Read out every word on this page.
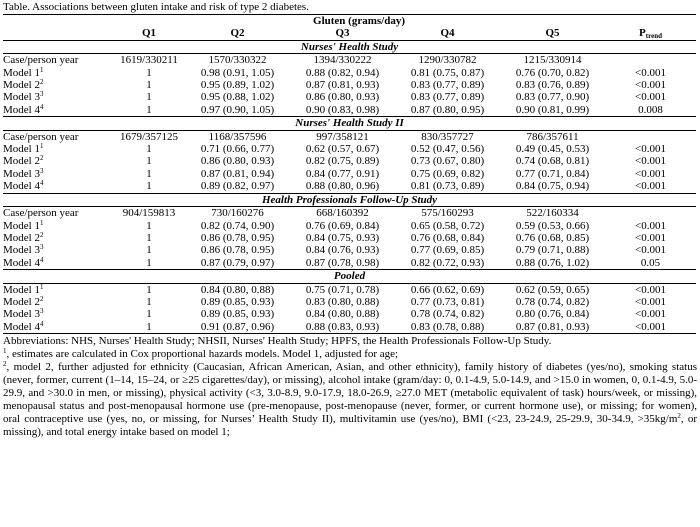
Table. Associations between gluten intake and risk of type 2 diabetes.
	Gluten (grams/day)					
	Q1	Q2	Q3	Q4	Q5	$P_{trend}$
Nurses' Health Study						
Case/person year	1619/330211	1570/330322	1394/330222	1290/330782	1215/330914	
Model $1^1$	1	0.98 (0.91, 1.05)	0.88 (0.82, 0.94)	0.81 (0.75, 0.87)	0.76 (0.70, 0.82)	<0.001
Model $2^2$	1	0.95 (0.89, 1.02)	0.87 (0.81, 0.93)	0.83 (0.77, 0.89)	0.83 (0.76, 0.89)	<0.001
Model $3^3$	1	0.95 (0.88, 1.02)	0.86 (0.80, 0.93)	0.83 (0.77, 0.89)	0.83 (0.77, 0.90)	<0.001
Model $4^4$	1	0.97 (0.90, 1.05)	0.90 (0.83, 0.98)	0.87 (0.80, 0.95)	0.90 (0.81, 0.99)	0.008
Nurses' Health Study II						
Case/person year	1679/357125	1168/357596	997/358121	830/357727	786/357611	
Model $1^1$	1	0.71 (0.66, 0.77)	0.62 (0.57, 0.67)	0.52 (0.47, 0.56)	0.49 (0.45, 0.53)	<0.001
Model $2^2$	1	0.86 (0.80, 0.93)	0.82 (0.75, 0.89)	0.73 (0.67, 0.80)	0.74 (0.68, 0.81)	<0.001
Model $3^3$	1	0.87 (0.81, 0.94)	0.84 (0.77, 0.91)	0.75 (0.69, 0.82)	0.77 (0.71, 0.84)	<0.001
Model $4^4$	1	0.89 (0.82, 0.97)	0.88 (0.80, 0.96)	0.81 (0.73, 0.89)	0.84 (0.75, 0.94)	<0.001
Health Professionals Follow-Up Study						
Case/person year	904/159813	730/160276	668/160392	575/160293	522/160334	
Model $1^1$	1	0.82 (0.74, 0.90)	0.76 (0.69, 0.84)	0.65 (0.58, 0.72)	0.59 (0.53, 0.66)	<0.001
Model $2^2$	1	0.86 (0.78, 0.95)	0.84 (0.75, 0.93)	0.76 (0.68, 0.84)	0.76 (0.68, 0.85)	<0.001
Model $3^3$	1	0.86 (0.78, 0.95)	0.84 (0.76, 0.93)	0.77 (0.69, 0.85)	0.79 (0.71, 0.88)	<0.001
Model $4^4$	1	0.87 (0.79, 0.97)	0.87 (0.78, 0.98)	0.82 (0.72, 0.93)	0.88 (0.76, 1.02)	0.05
Pooled						
Model $1^1$	1	0.84 (0.80, 0.88)	0.75 (0.71, 0.78)	0.66 (0.62, 0.69)	0.62 (0.59, 0.65)	<0.001
Model $2^2$	1	0.89 (0.85, 0.93)	0.83 (0.80, 0.88)	0.77 (0.73, 0.81)	0.78 (0.74, 0.82)	<0.001
Model $3^3$	1	0.89 (0.85, 0.93)	0.84 (0.80, 0.88)	0.78 (0.74, 0.82)	0.80 (0.76, 0.84)	<0.001
Model $4^4$	1	0.91 (0.87, 0.96)	0.88 (0.83, 0.93)	0.83 (0.78, 0.88)	0.87 (0.81, 0.93)	<0.001

Abbreviations: NHS, Nurses' Health Study; NHSII, Nurses' Health Study; HPFS, the Health Professionals Follow-Up Study.

$^1$, estimates are calculated in Cox proportional hazards models. Model 1, adjusted for age;

$^2$, model 2, further adjusted for ethnicity (Caucasian, African American, Asian, and other ethnicity), family history of diabetes (yes/no), smoking status (never, former, current (1–14, 15–24, or ≥25 cigarettes/day), or missing), alcohol intake (gram/day: 0, 0.1-4.9, 5.0-14.9, and >15.0 in women, 0, 0.1-4.9, 5.0-29.9, and >30.0 in men, or missing), physical activity (<3, 3.0-8.9, 9.0-17.9, 18.0-26.9, ≥27.0 MET (metabolic equivalent of task) hours/week, or missing), menopausal status and post-menopausal hormone use (pre-menopause, post-menopause (never, former, or current hormone use), or missing; for women), oral contraceptive use (yes, no, or missing, for Nurses’ Health Study II), multivitamin use (yes/no), BMI (<23, 23-24.9, 25-29.9, 30-34.9, $>35kg/m^2$, or missing), and total energy intake based on model 1;
